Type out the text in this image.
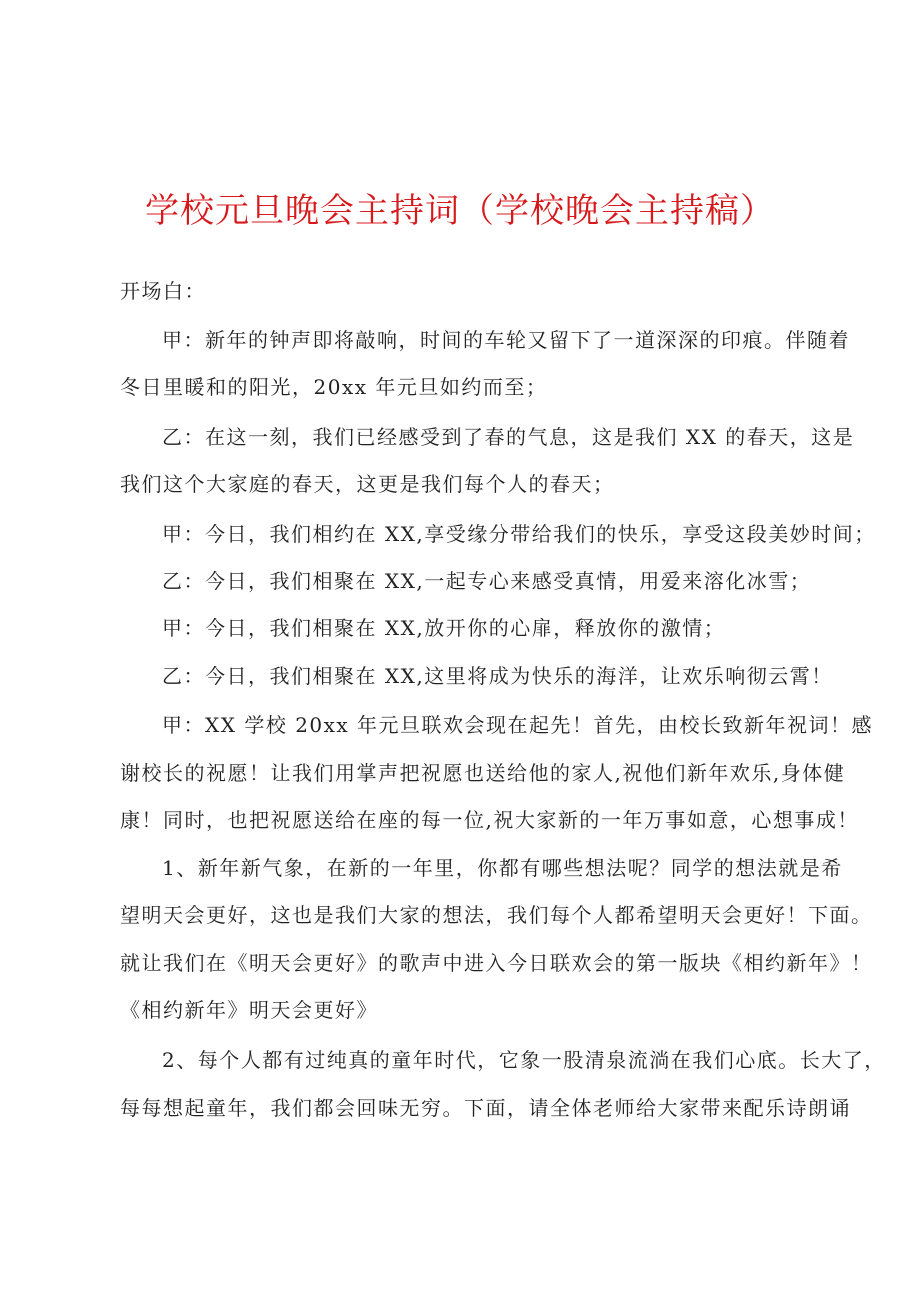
学校元旦晚会主持词（学校晚会主持稿）
开场白：
甲：新年的钟声即将敲响，时间的车轮又留下了一道深深的印痕。伴随着
冬日里暖和的阳光，20xx 年元旦如约而至；
乙：在这一刻，我们已经感受到了春的气息，这是我们 XX 的春天，这是
我们这个大家庭的春天，这更是我们每个人的春天；
甲：今日，我们相约在 XX,享受缘分带给我们的快乐，享受这段美妙时间；
乙：今日，我们相聚在 XX,一起专心来感受真情，用爱来溶化冰雪；
甲：今日，我们相聚在 XX,放开你的心扉，释放你的激情；
乙：今日，我们相聚在 XX,这里将成为快乐的海洋，让欢乐响彻云霄！
甲：XX 学校 20xx 年元旦联欢会现在起先！首先，由校长致新年祝词！感
谢校长的祝愿！让我们用掌声把祝愿也送给他的家人,祝他们新年欢乐,身体健
康！同时，也把祝愿送给在座的每一位,祝大家新的一年万事如意，心想事成！
1、新年新气象，在新的一年里，你都有哪些想法呢？同学的想法就是希
望明天会更好，这也是我们大家的想法，我们每个人都希望明天会更好！下面。
就让我们在《明天会更好》的歌声中进入今日联欢会的第一版块《相约新年》！
《相约新年》明天会更好》
2、每个人都有过纯真的童年时代，它象一股清泉流淌在我们心底。长大了，
每每想起童年，我们都会回味无穷。下面，请全体老师给大家带来配乐诗朗诵
